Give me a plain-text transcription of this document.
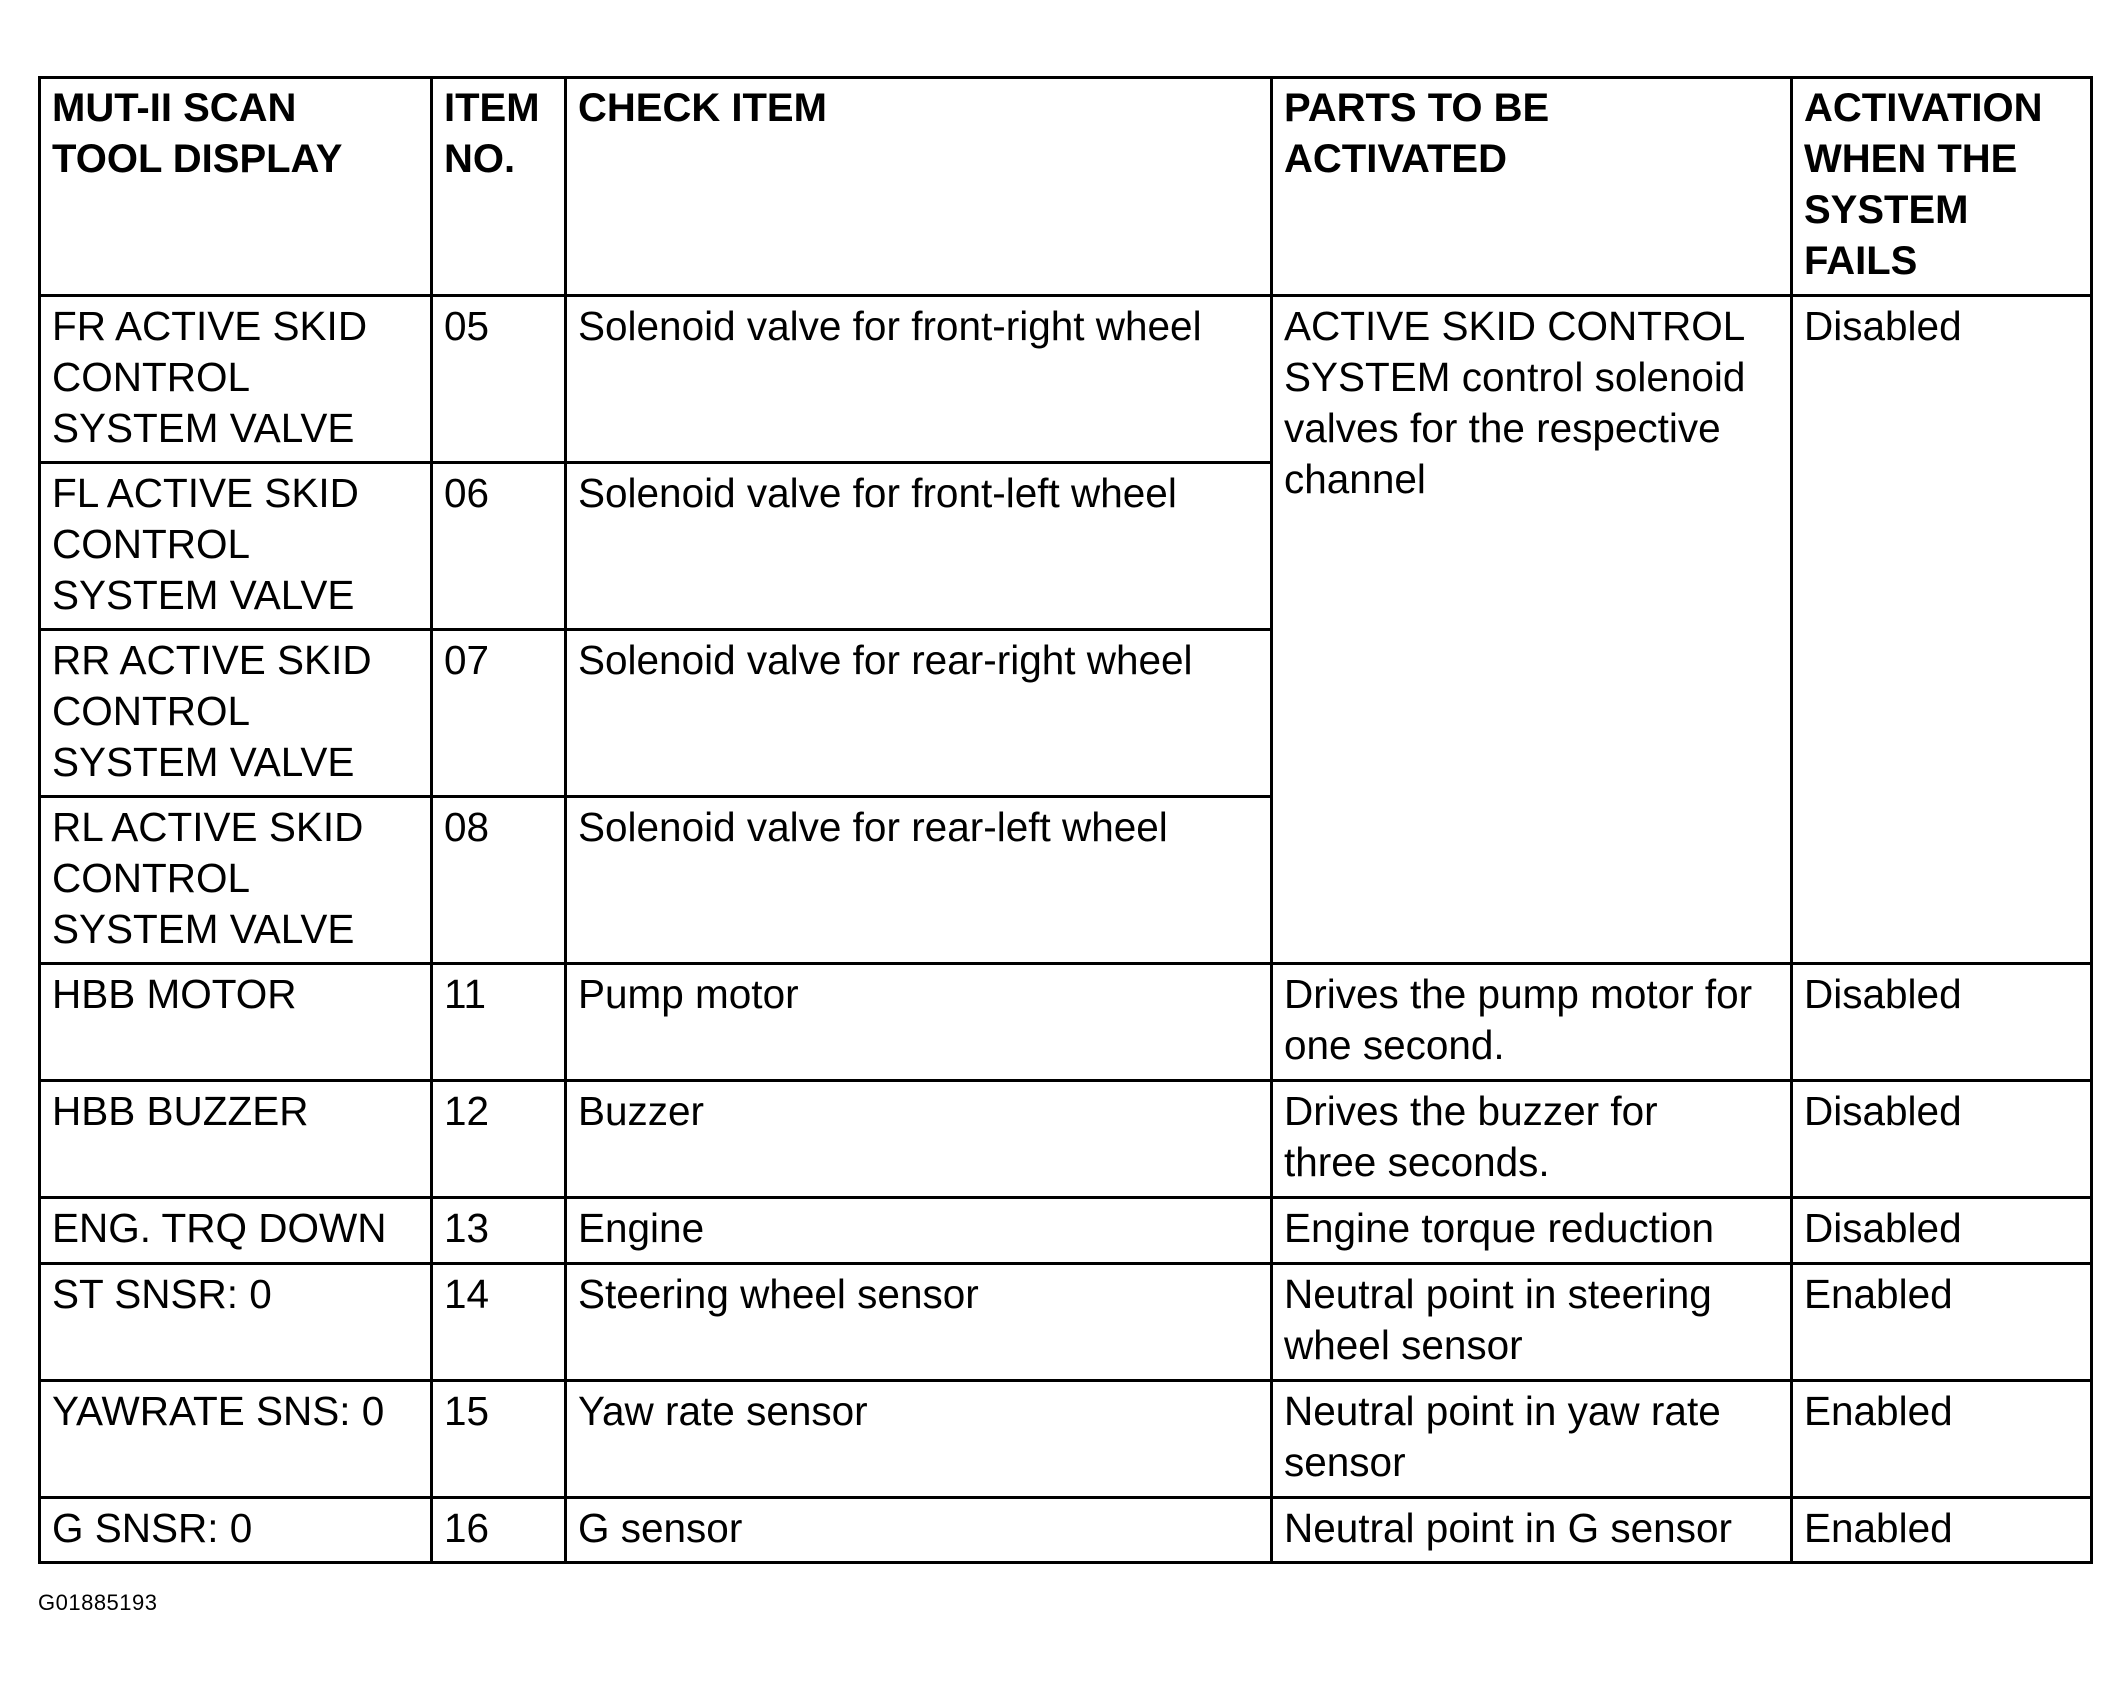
MUT-II SCAN
TOOL DISPLAY	ITEM
NO.	CHECK ITEM	PARTS TO BE
ACTIVATED	ACTIVATION
WHEN THE
SYSTEM
FAILS
FR ACTIVE SKID
CONTROL
SYSTEM VALVE	05	Solenoid valve for front-right wheel	ACTIVE SKID CONTROL
SYSTEM control solenoid
valves for the respective
channel	Disabled
FL ACTIVE SKID
CONTROL
SYSTEM VALVE	06	Solenoid valve for front-left wheel		
RR ACTIVE SKID
CONTROL
SYSTEM VALVE	07	Solenoid valve for rear-right wheel		
RL ACTIVE SKID
CONTROL
SYSTEM VALVE	08	Solenoid valve for rear-left wheel		
HBB MOTOR	11	Pump motor	Drives the pump motor for
one second.	Disabled
HBB BUZZER	12	Buzzer	Drives the buzzer for
three seconds.	Disabled
ENG. TRQ DOWN	13	Engine	Engine torque reduction	Disabled
ST SNSR: 0	14	Steering wheel sensor	Neutral point in steering
wheel sensor	Enabled
YAWRATE SNS: 0	15	Yaw rate sensor	Neutral point in yaw rate
sensor	Enabled
G SNSR: 0	16	G sensor	Neutral point in G sensor	Enabled
G01885193
